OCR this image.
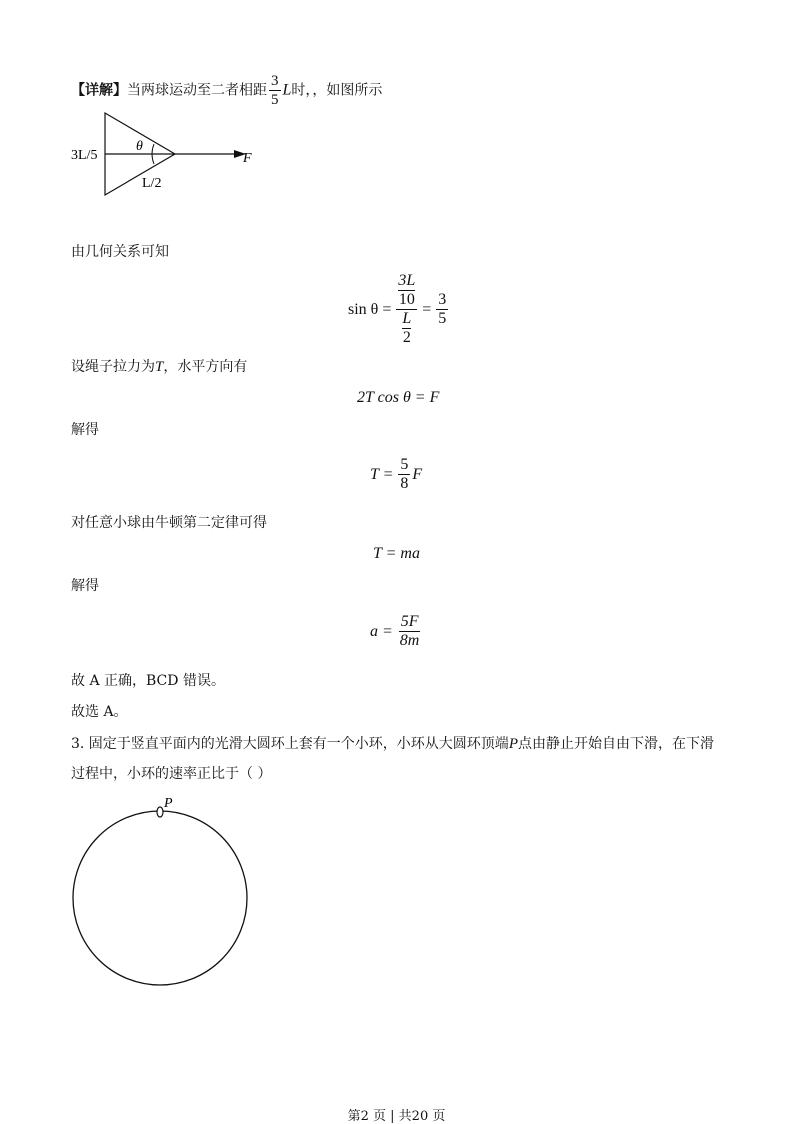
【详解】当两球运动至二者相距 $\frac{3}{5}$ L时，，如图所示
3L/5
θ
L/2
F
由几何关系可知
sin θ = 3L
10
L
$2 = \frac{3}{5}$
设绳子拉力为T，水平方向有
2T cos θ = F
解得
$T = \frac{5}{8}$ F
对任意小球由牛顿第二定律可得
T = ma
解得
$a = \frac{5F}{8m}$
故 A 正确，BCD 错误。
故选 A。
3. 固定于竖直平面内的光滑大圆环上套有一个小环，小环从大圆环顶端P点由静止开始自由下滑，在下滑
过程中，小环的速率正比于（ ）
P
第2 页 | 共20 页
